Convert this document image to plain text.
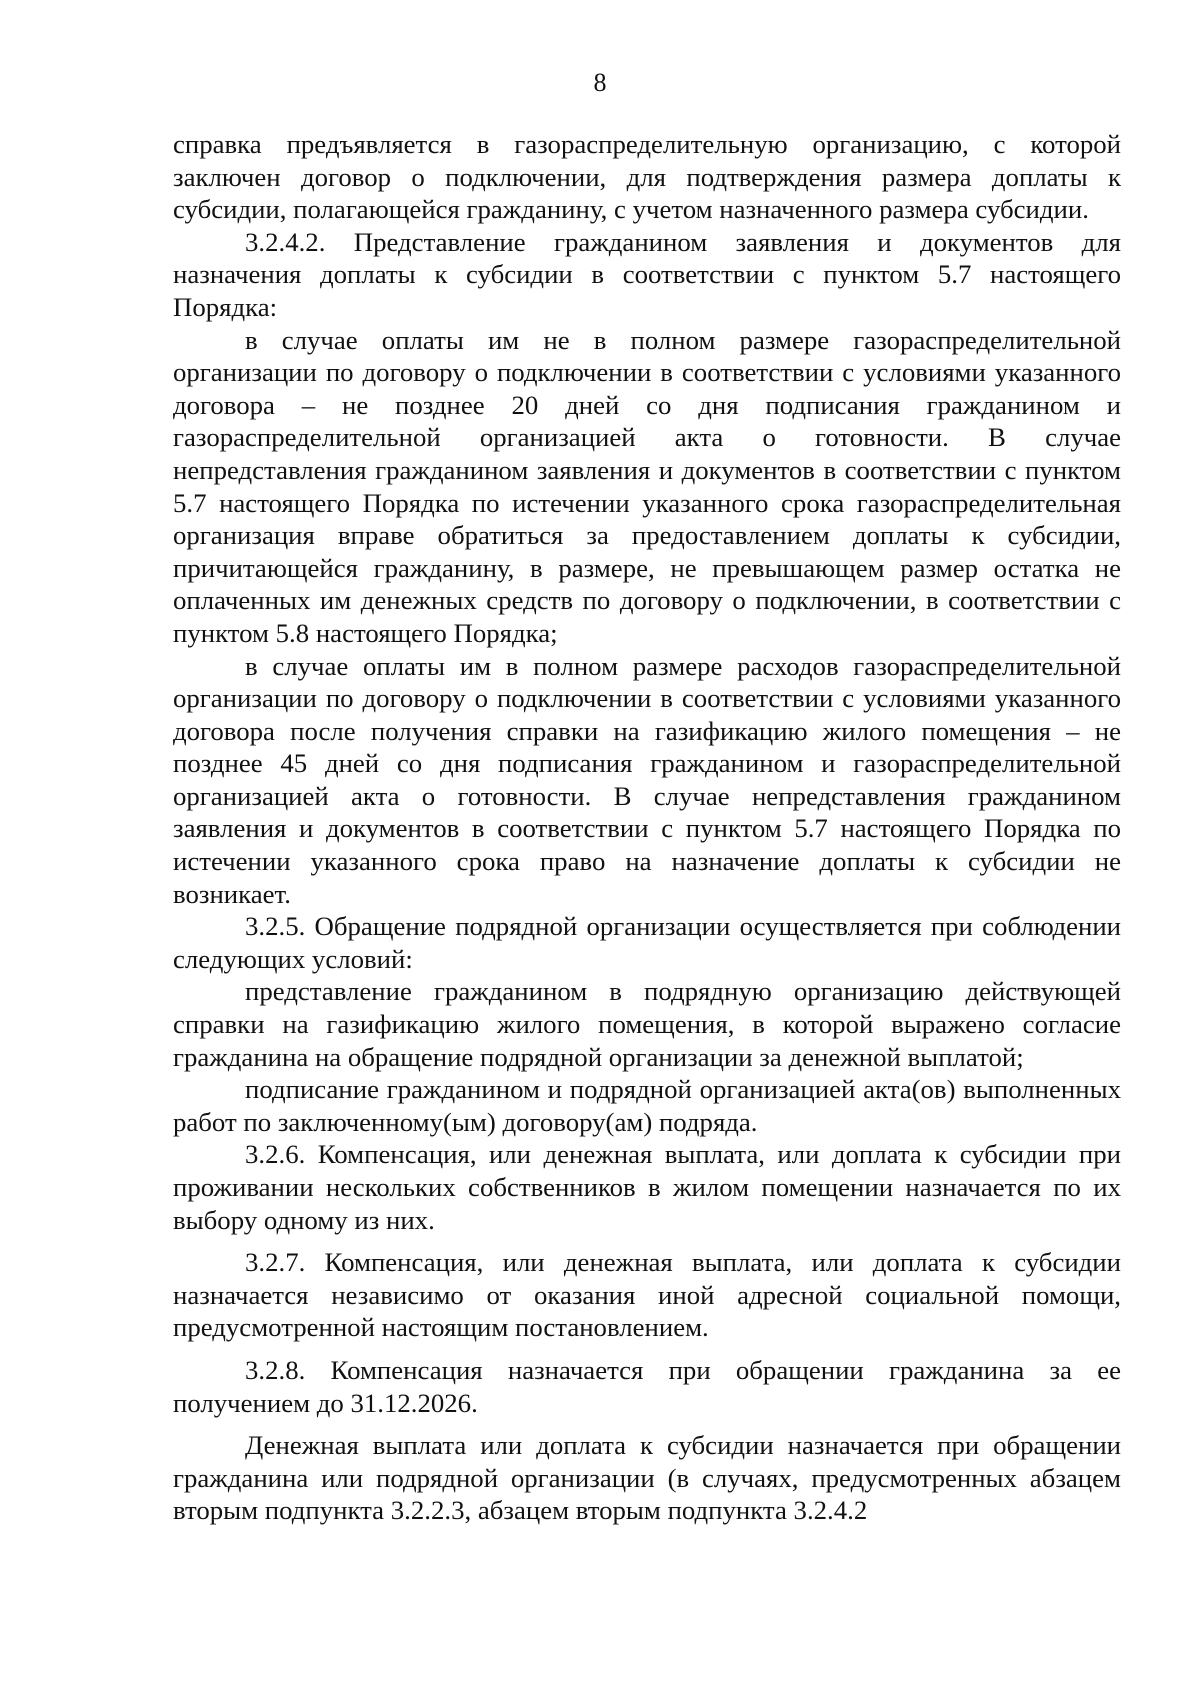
8

справка предъявляется в газораспределительную организацию, с которой заключен договор о подключении, для подтверждения размера доплаты к субсидии, полагающейся гражданину, с учетом назначенного размера субсидии.

3.2.4.2. Представление гражданином заявления и документов для назначения доплаты к субсидии в соответствии с пунктом 5.7 настоящего Порядка:

в случае оплаты им не в полном размере газораспределительной организации по договору о подключении в соответствии с условиями указанного договора – не позднее 20 дней со дня подписания гражданином и газораспределительной организацией акта о готовности. В случае непредставления гражданином заявления и документов в соответствии с пунктом 5.7 настоящего Порядка по истечении указанного срока газораспределительная организация вправе обратиться за предоставлением доплаты к субсидии, причитающейся гражданину, в размере, не превышающем размер остатка не оплаченных им денежных средств по договору о подключении, в соответствии с пунктом 5.8 настоящего Порядка;

в случае оплаты им в полном размере расходов газораспределительной организации по договору о подключении в соответствии с условиями указанного договора после получения справки на газификацию жилого помещения – не позднее 45 дней со дня подписания гражданином и газораспределительной организацией акта о готовности. В случае непредставления гражданином заявления и документов в соответствии с пунктом 5.7 настоящего Порядка по истечении указанного срока право на назначение доплаты к субсидии не возникает.

3.2.5. Обращение подрядной организации осуществляется при соблюдении следующих условий:

представление гражданином в подрядную организацию действующей справки на газификацию жилого помещения, в которой выражено согласие гражданина на обращение подрядной организации за денежной выплатой;

подписание гражданином и подрядной организацией акта(ов) выполненных работ по заключенному(ым) договору(ам) подряда.

3.2.6. Компенсация, или денежная выплата, или доплата к субсидии при проживании нескольких собственников в жилом помещении назначается по их выбору одному из них.

3.2.7. Компенсация, или денежная выплата, или доплата к субсидии назначается независимо от оказания иной адресной социальной помощи, предусмотренной настоящим постановлением.

3.2.8. Компенсация назначается при обращении гражданина за ее получением до 31.12.2026.

Денежная выплата или доплата к субсидии назначается при обращении гражданина или подрядной организации (в случаях, предусмотренных абзацем вторым подпункта 3.2.2.3, абзацем вторым подпункта 3.2.4.2
